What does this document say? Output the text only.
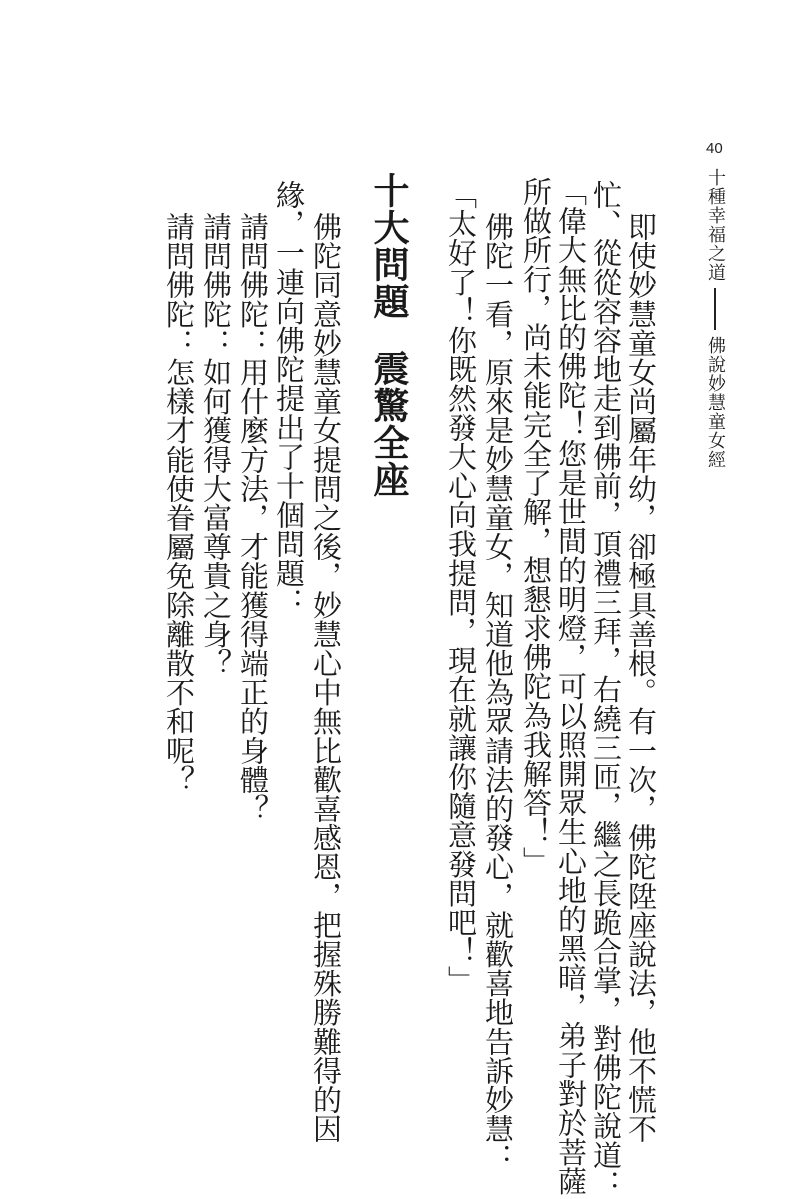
40
十種幸福之道佛說妙慧童女經
即使妙慧童女尚屬年幼，卻極具善根。有一次，佛陀陞座說法，他不慌不
忙、從從容容地走到佛前，頂禮三拜，右繞三匝，繼之長跪合掌，對佛陀說道：
「偉大無比的佛陀！您是世間的明燈，可以照開眾生心地的黑暗，弟子對於菩薩
所做所行，尚未能完全了解，想懇求佛陀為我解答！」
佛陀一看，原來是妙慧童女，知道他為眾請法的發心，就歡喜地告訴妙慧：
「太好了！你既然發大心向我提問，現在就讓你隨意發問吧！」
十大問題震驚全座
佛陀同意妙慧童女提問之後，妙慧心中無比歡喜感恩，把握殊勝難得的因
緣，一連向佛陀提出了十個問題：
請問佛陀：用什麼方法，才能獲得端正的身體？
請問佛陀：如何獲得大富尊貴之身？
請問佛陀：怎樣才能使眷屬免除離散不和呢？
